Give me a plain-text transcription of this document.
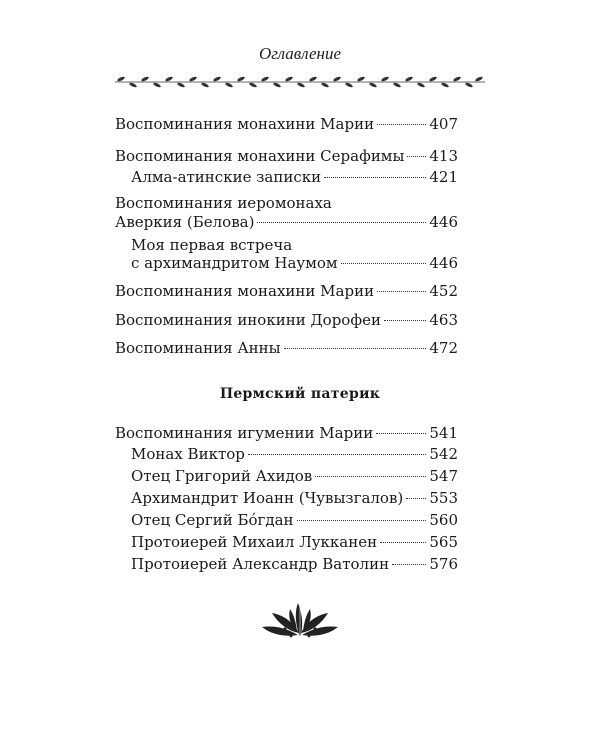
Оглавление
Воспоминания монахини Марии	407
Воспоминания монахини Серафимы 413
Алма-атинские записки	421
Воспоминания иеромонаха
Аверкия (Белова)	446
Моя первая встреча
с архимандритом Наумом	446
Воспоминания монахини Марии	452
Воспоминания инокини Дорофеи	463
Воспоминания Анны	472
Пермский патерик
Воспоминания игумении Марии	541
Монах Виктор	542
Отец Григорий Ахидов	547
Архимандрит Иоанн (Чувызгалов) 553
Отец Сергий Бóгдан	560
Протоиерей Михаил Лукканен	565
Протоиерей Александр Ватолин	576
